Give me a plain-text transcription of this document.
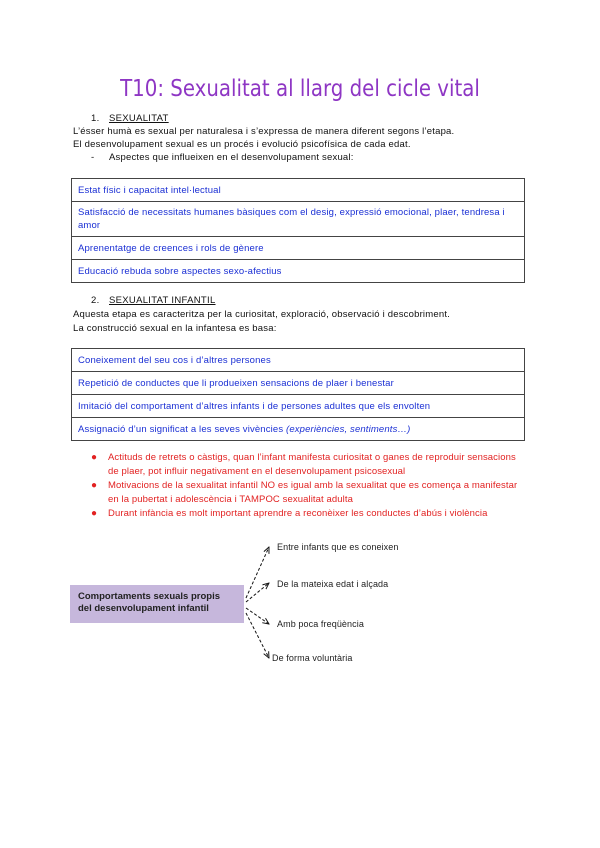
T10: Sexualitat al llarg del cicle vital
1. SEXUALITAT
L’ésser humà es sexual per naturalesa i s’expressa de manera diferent segons l’etapa.
El desenvolupament sexual es un procés i evolució psicofísica de cada edat.
- Aspectes que influeixen en el desenvolupament sexual:
Estat físic i capacitat intel·lectual
Satisfacció de necessitats humanes bàsiques com el desig, expressió emocional, plaer, tendresa i amor
Aprenentatge de creences i rols de gènere
Educació rebuda sobre aspectes sexo-afectius
2. SEXUALITAT INFANTIL
Aquesta etapa es caracteritza per la curiositat, exploració, observació i descobriment.
La construcció sexual en la infantesa es basa:
Coneixement del seu cos i d’altres persones
Repetició de conductes que li produeixen sensacions de plaer i benestar
Imitació del comportament d’altres infants i de persones adultes que els envolten
Assignació d’un significat a les seves vivències (experiències, sentiments…)
● Actituds de retrets o càstigs, quan l’infant manifesta curiositat o ganes de reproduir sensacions de plaer, pot influir negativament en el desenvolupament psicosexual
● Motivacions de la sexualitat infantil NO es igual amb la sexualitat que es comença a manifestar en la pubertat i adolescència i TAMPOC sexualitat adulta
● Durant infància es molt important aprendre a reconèixer les conductes d’abús i violència
Comportaments sexuals propis del desenvolupament infantil
Entre infants que es coneixen
De la mateixa edat i alçada
Amb poca freqüència
De forma voluntària
